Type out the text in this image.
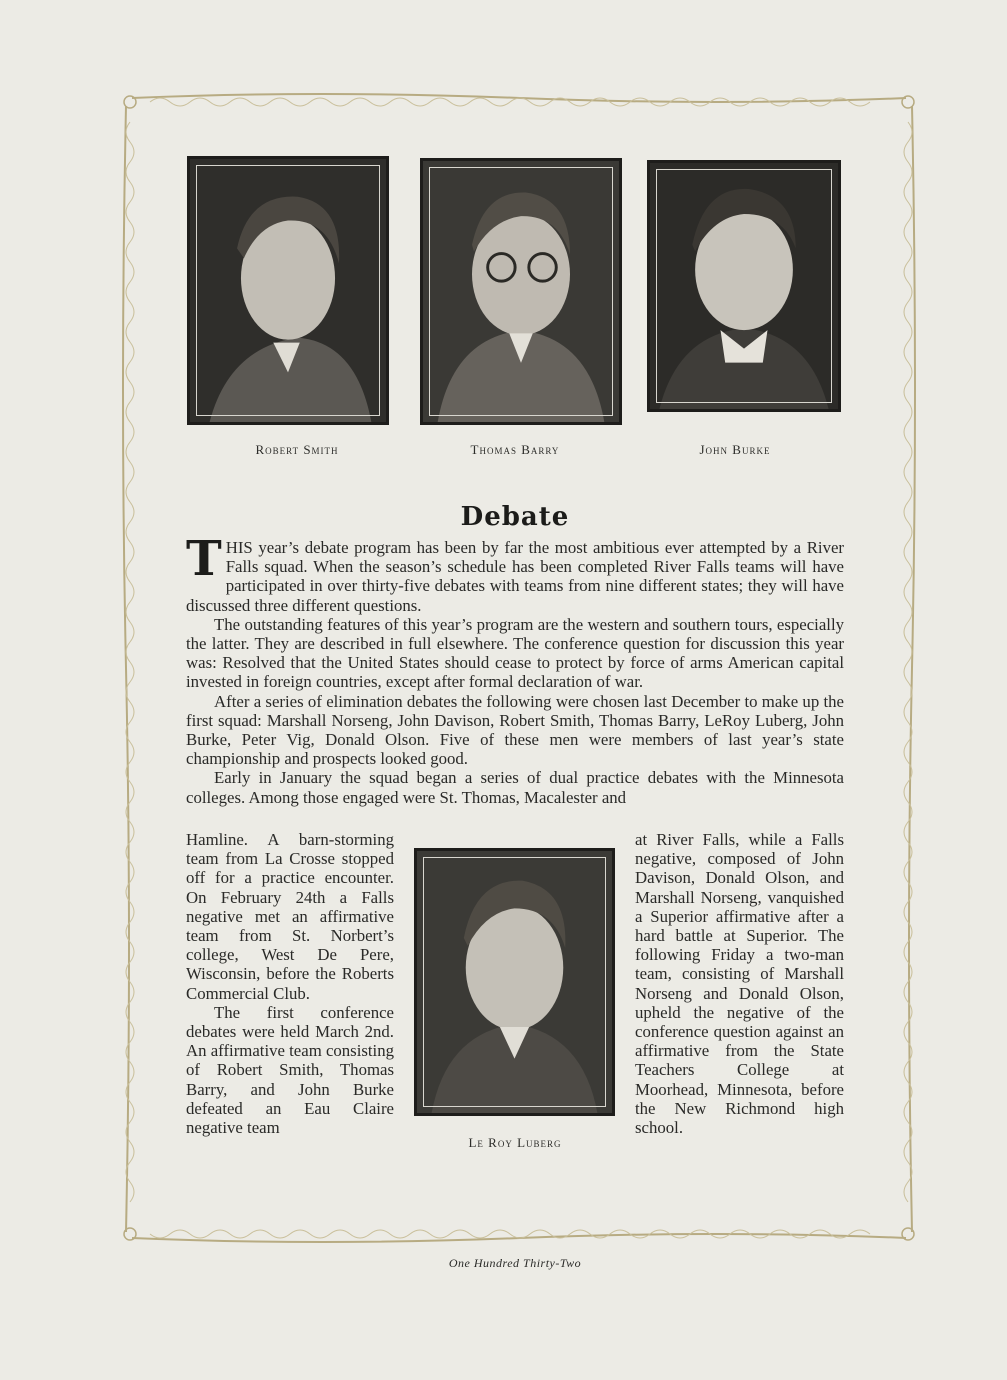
Robert Smith	Thomas Barry	John Burke
Debate

THIS year’s debate program has been by far the most ambitious ever attempted by a River Falls squad. When the season’s schedule has been completed River Falls teams will have participated in over thirty-five debates with teams from nine different states; they will have discussed three different questions.

The outstanding features of this year’s program are the western and southern tours, especially the latter. They are described in full elsewhere. The conference question for discussion this year was: Resolved that the United States should cease to protect by force of arms American capital invested in foreign countries, except after formal declaration of war.

After a series of elimination debates the following were chosen last December to make up the first squad: Marshall Norseng, John Davison, Robert Smith, Thomas Barry, LeRoy Luberg, John Burke, Peter Vig, Donald Olson. Five of these men were members of last year’s state championship and prospects looked good.

Early in January the squad began a series of dual practice debates with the Minnesota colleges. Among those engaged were St. Thomas, Macalester and

Hamline. A barn-storming team from La Crosse stopped off for a practice encounter. On February 24th a Falls negative met an affirmative team from St. Norbert’s college, West De Pere, Wisconsin, before the Roberts Commercial Club.

The first conference debates were held March 2nd. An affirmative team consisting of Robert Smith, Thomas Barry, and John Burke defeated an Eau Claire negative team

Le Roy Luberg

at River Falls, while a Falls negative, composed of John Davison, Donald Olson, and Marshall Norseng, vanquished a Superior affirmative after a hard battle at Superior. The following Friday a two-man team, consisting of Marshall Norseng and Donald Olson, upheld the negative of the conference question against an affirmative from the State Teachers College at Moorhead, Minnesota, before the New Richmond high school.

One Hundred Thirty-Two
